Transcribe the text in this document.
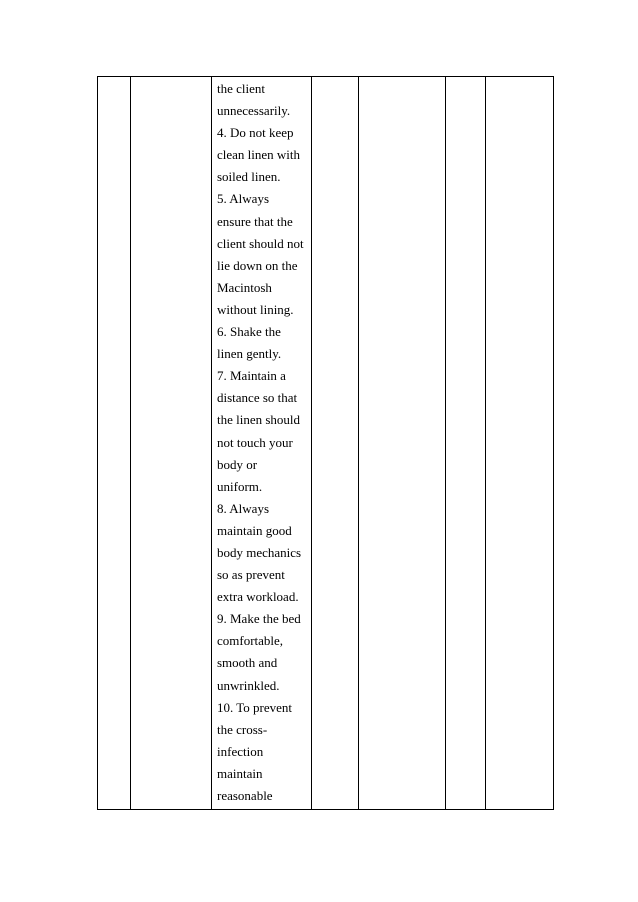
the client
unnecessarily.
4. Do not keep
clean linen with
soiled linen.
5. Always
ensure that the
client should not
lie down on the
Macintosh
without lining.
6. Shake the
linen gently.
7. Maintain a
distance so that
the linen should
not touch your
body or
uniform.
8. Always
maintain good
body mechanics
so as prevent
extra workload.
9. Make the bed
comfortable,
smooth and
unwrinkled.
10. To prevent
the cross-
infection
maintain
reasonable
